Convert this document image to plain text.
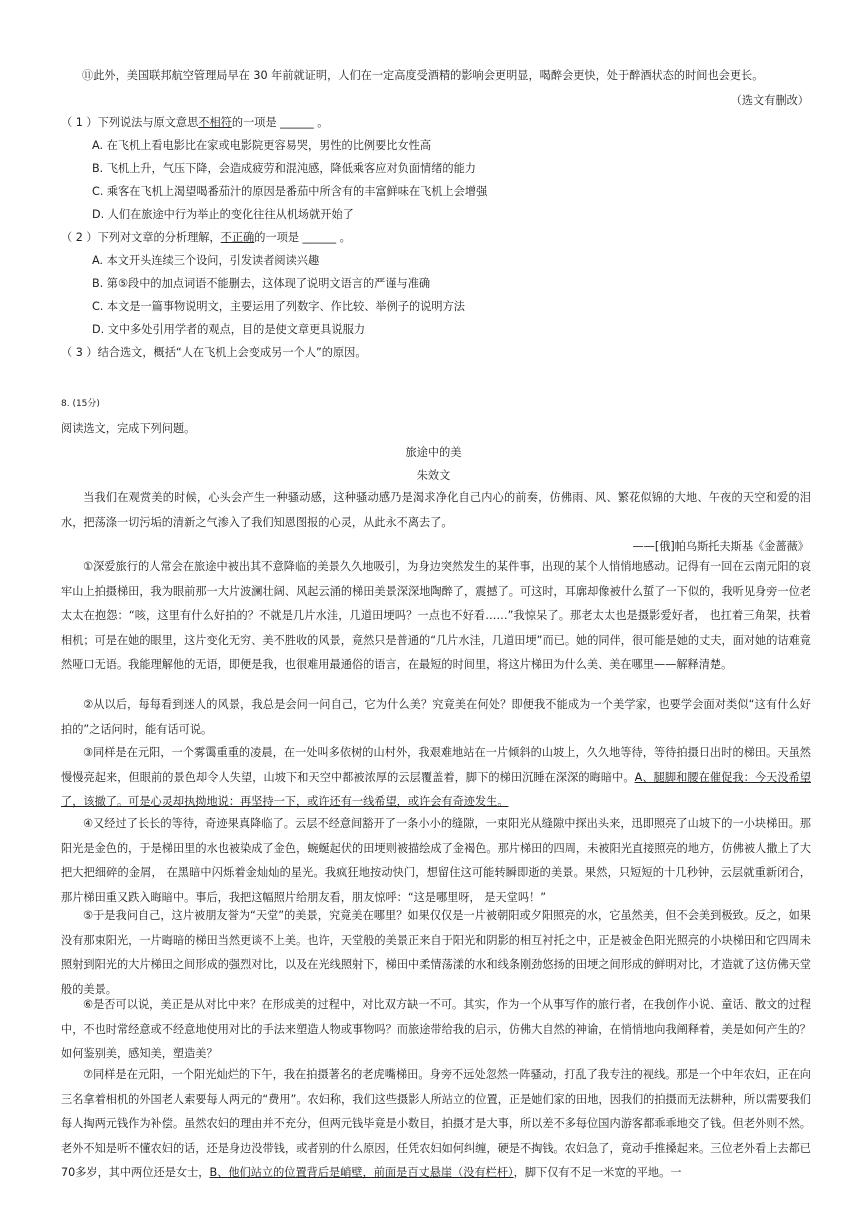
⑪此外，美国联邦航空管理局早在 30 年前就证明，人们在一定高度受酒精的影响会更明显，喝醉会更快，处于醉酒状态的时间也会更长。
（选文有删改）
（ 1 ）下列说法与原文意思不相符的一项是 ______ 。
A. 在飞机上看电影比在家或电影院更容易哭，男性的比例要比女性高
B. 飞机上升，气压下降，会造成疲劳和混沌感，降低乘客应对负面情绪的能力
C. 乘客在飞机上渴望喝番茄汁的原因是番茄中所含有的丰富鲜味在飞机上会增强
D. 人们在旅途中行为举止的变化往往从机场就开始了
（ 2 ）下列对文章的分析理解，不正确的一项是 ______ 。
A. 本文开头连续三个设问，引发读者阅读兴趣
B. 第⑤段中的加点词语不能删去，这体现了说明文语言的严谨与准确
C. 本文是一篇事物说明文，主要运用了列数字、作比较、举例子的说明方法
D. 文中多处引用学者的观点，目的是使文章更具说服力
（ 3 ）结合选文，概括“人在飞机上会变成另一个人”的原因。
8. (15分)
阅读选文，完成下列问题。
旅途中的美
朱效文
当我们在观赏美的时候，心头会产生一种骚动感，这种骚动感乃是渴求净化自己内心的前奏，仿佛雨、风、繁花似锦的大地、午夜的天空和爱的泪水，把荡涤一切污垢的清新之气渗入了我们知恩图报的心灵，从此永不离去了。
——[俄]帕乌斯托夫斯基《金蔷薇》
①深爱旅行的人常会在旅途中被出其不意降临的美景久久地吸引，为身边突然发生的某件事，出现的某个人悄悄地感动。记得有一回在云南元阳的哀牢山上拍摄梯田，我为眼前那一大片波澜壮阔、风起云涌的梯田美景深深地陶醉了，震撼了。可这时，耳廓却像被什么蜇了一下似的，我听见身旁一位老太太在抱怨：“咳，这里有什么好拍的？不就是几片水洼，几道田埂吗？一点也不好看……”我惊呆了。那老太太也是摄影爱好者， 也扛着三角架，扶着相机；可是在她的眼里，这片变化无穷、美不胜收的风景，竟然只是普通的“几片水洼，几道田埂”而已。她的同伴，很可能是她的丈夫，面对她的诘难竟然哑口无语。我能理解他的无语，即便是我，也很难用最通俗的语言，在最短的时间里，将这片梯田为什么美、美在哪里——解释清楚。
②从以后，每每看到迷人的风景，我总是会问一问自己，它为什么美？究竟美在何处？即便我不能成为一个美学家，也要学会面对类似“这有什么好拍的”之话问时，能有话可说。
③同样是在元阳，一个雾霭重重的凌晨，在一处叫多依树的山村外，我艰难地站在一片倾斜的山坡上，久久地等待，等待拍摄日出时的梯田。天虽然慢慢亮起来，但眼前的景色却令人失望，山坡下和天空中都被浓厚的云层覆盖着，脚下的梯田沉睡在深深的晦暗中。A、腿脚和腰在催促我：今天没希望了，该撤了。可是心灵却执拗地说：再坚持一下，或许还有一线希望，或许会有奇迹发生。
④又经过了长长的等待，奇迹果真降临了。云层不经意间豁开了一条小小的缝隙，一束阳光从缝隙中探出头来，迅即照亮了山坡下的一小块梯田。那阳光是金色的，于是梯田里的水也被染成了金色，蜿蜒起伏的田埂则被描绘成了金褐色。那片梯田的四周，未被阳光直接照亮的地方，仿佛被人撒上了大把大把细碎的金屑， 在黑暗中闪烁着金灿灿的星光。我疯狂地按动快门，想留住这可能转瞬即逝的美景。果然，只短短的十几秒钟，云层就重新闭合，那片梯田重又跌入晦暗中。事后，我把这幅照片给朋友看，朋友惊呼：“这是哪里呀， 是天堂吗！”
⑤于是我问自己，这片被朋友誉为“天堂”的美景，究竟美在哪里？如果仅仅是一片被朝阳或夕阳照亮的水，它虽然美，但不会美到极致。反之，如果没有那束阳光，一片晦暗的梯田当然更谈不上美。也许，天堂般的美景正来自于阳光和阴影的相互衬托之中，正是被金色阳光照亮的小块梯田和它四周未照射到阳光的大片梯田之间形成的强烈对比，以及在光线照射下，梯田中柔情荡漾的水和线条刚劲悠扬的田埂之间形成的鲜明对比，才造就了这仿佛天堂般的美景。
⑥是否可以说，美正是从对比中来？在形成美的过程中，对比双方缺一不可。其实，作为一个从事写作的旅行者，在我创作小说、童话、散文的过程中，不也时常经意或不经意地使用对比的手法来塑造人物或事物吗？而旅途带给我的启示，仿佛大自然的神谕，在悄悄地向我阐释着，美是如何产生的？如何鉴别美，感知美，塑造美？
⑦同样是在元阳，一个阳光灿烂的下午，我在拍摄著名的老虎嘴梯田。身旁不远处忽然一阵骚动，打乱了我专注的视线。那是一个中年农妇，正在向三名拿着相机的外国老人索要每人两元的“费用”。农妇称，我们这些摄影人所站立的位置，正是她们家的田地，因我们的拍摄而无法耕种，所以需要我们每人掏两元钱作为补偿。虽然农妇的理由并不充分，但两元钱毕竟是小数目，拍摄才是大事，所以差不多每位国内游客都乖乖地交了钱。但老外则不然。老外不知是听不懂农妇的话，还是身边没带钱，或者别的什么原因，任凭农妇如何纠缠，硬是不掏钱。农妇急了，竟动手推搡起来。三位老外看上去都已70多岁，其中两位还是女士，B、他们站立的位置背后是峭壁，前面是百丈悬崖（没有栏杆），脚下仅有不足一米宽的平地。一
